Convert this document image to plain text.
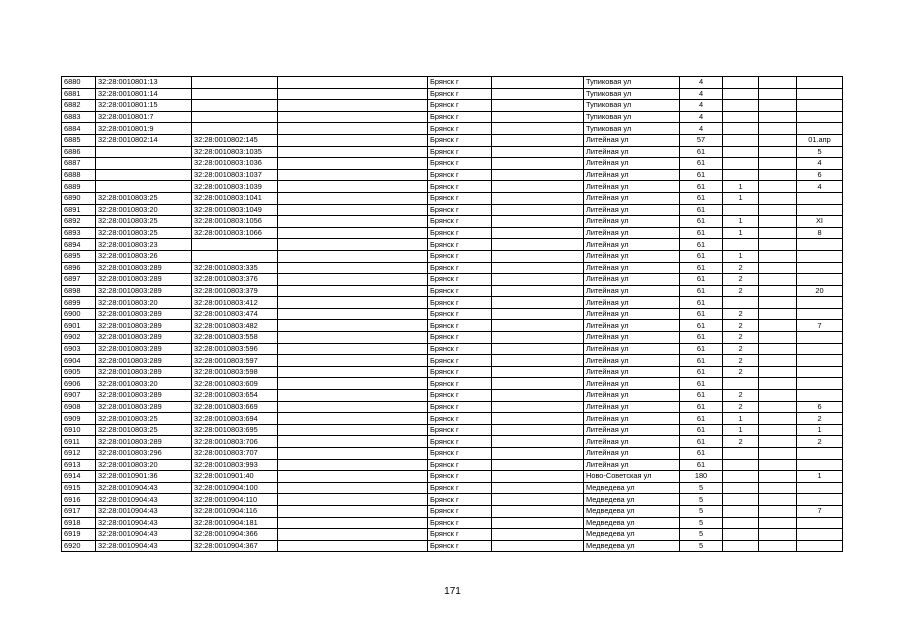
6880	32:28:0010801:13			Брянск г		Тупиковая ул	4			
6881	32:28:0010801:14			Брянск г		Тупиковая ул	4			
6882	32:28:0010801:15			Брянск г		Тупиковая ул	4			
6883	32:28:0010801:7			Брянск г		Тупиковая ул	4			
6884	32:28:0010801:9			Брянск г		Тупиковая ул	4			
6885	32:28:0010802:14	32:28:0010802:145		Брянск г		Литейная ул	57			01.апр
6886		32:28:0010803:1035		Брянск г		Литейная ул	61			5
6887		32:28:0010803:1036		Брянск г		Литейная ул	61			4
6888		32:28:0010803:1037		Брянск г		Литейная ул	61			6
6889		32:28:0010803:1039		Брянск г		Литейная ул	61	1		4
6890	32:28:0010803:25	32:28:0010803:1041		Брянск г		Литейная ул	61	1		
6891	32:28:0010803:20	32:28:0010803:1049		Брянск г		Литейная ул	61			
6892	32:28:0010803:25	32:28:0010803:1056		Брянск г		Литейная ул	61	1		XI
6893	32:28:0010803:25	32:28:0010803:1066		Брянск г		Литейная ул	61	1		8
6894	32:28:0010803:23			Брянск г		Литейная ул	61			
6895	32:28:0010803:26			Брянск г		Литейная ул	61	1		
6896	32:28:0010803:289	32:28:0010803:335		Брянск г		Литейная ул	61	2		
6897	32:28:0010803:289	32:28:0010803:376		Брянск г		Литейная ул	61	2		
6898	32:28:0010803:289	32:28:0010803:379		Брянск г		Литейная ул	61	2		20
6899	32:28:0010803:20	32:28:0010803:412		Брянск г		Литейная ул	61			
6900	32:28:0010803:289	32:28:0010803:474		Брянск г		Литейная ул	61	2		
6901	32:28:0010803:289	32:28:0010803:482		Брянск г		Литейная ул	61	2		7
6902	32:28:0010803:289	32:28:0010803:558		Брянск г		Литейная ул	61	2		
6903	32:28:0010803:289	32:28:0010803:596		Брянск г		Литейная ул	61	2		
6904	32:28:0010803:289	32:28:0010803:597		Брянск г		Литейная ул	61	2		
6905	32:28:0010803:289	32:28:0010803:598		Брянск г		Литейная ул	61	2		
6906	32:28:0010803:20	32:28:0010803:609		Брянск г		Литейная ул	61			
6907	32:28:0010803:289	32:28:0010803:654		Брянск г		Литейная ул	61	2		
6908	32:28:0010803:289	32:28:0010803:669		Брянск г		Литейная ул	61	2		6
6909	32:28:0010803:25	32:28:0010803:694		Брянск г		Литейная ул	61	1		2
6910	32:28:0010803:25	32:28:0010803:695		Брянск г		Литейная ул	61	1		1
6911	32:28:0010803:289	32:28:0010803:706		Брянск г		Литейная ул	61	2		2
6912	32:28:0010803:296	32:28:0010803:707		Брянск г		Литейная ул	61			
6913	32:28:0010803:20	32:28:0010803:993		Брянск г		Литейная ул	61			
6914	32:28:0010901:36	32:28:0010901:40		Брянск г		Ново-Советская ул	180			1
6915	32:28:0010904:43	32:28:0010904:100		Брянск г		Медведева ул	5			
6916	32:28:0010904:43	32:28:0010904:110		Брянск г		Медведева ул	5			
6917	32:28:0010904:43	32:28:0010904:116		Брянск г		Медведева ул	5			7
6918	32:28:0010904:43	32:28:0010904:181		Брянск г		Медведева ул	5			
6919	32:28:0010904:43	32:28:0010904:366		Брянск г		Медведева ул	5			
6920	32:28:0010904:43	32:28:0010904:367		Брянск г		Медведева ул	5			
171
